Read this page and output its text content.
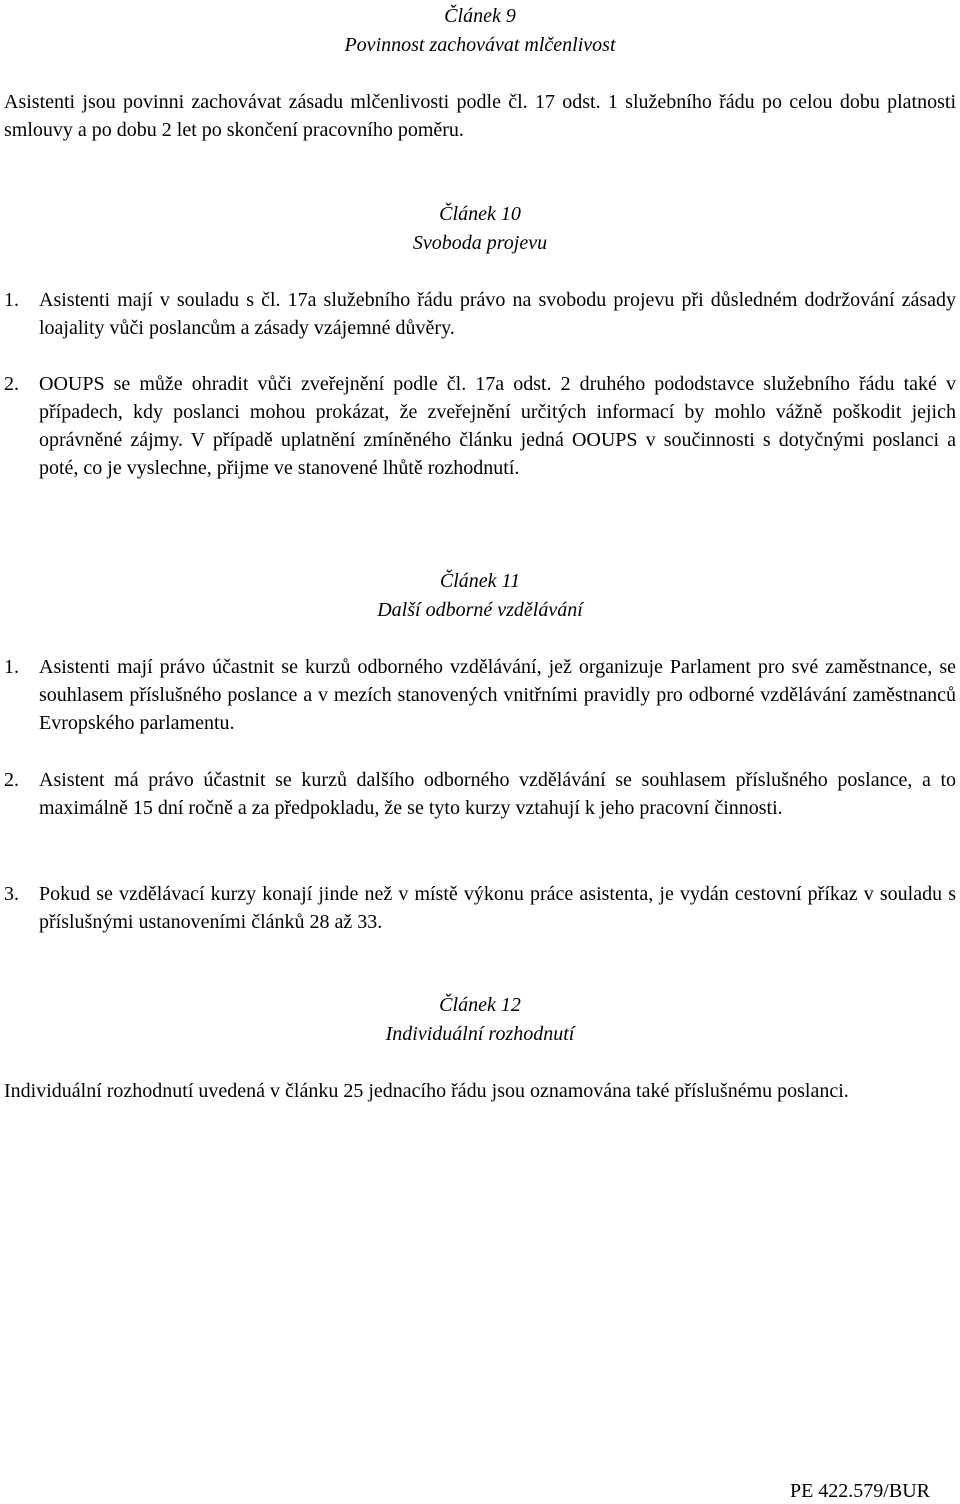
Článek 9
Povinnost zachovávat mlčenlivost
Asistenti jsou povinni zachovávat zásadu mlčenlivosti podle čl. 17 odst. 1 služebního řádu po celou dobu platnosti smlouvy a po dobu 2 let po skončení pracovního poměru.
Článek 10
Svoboda projevu
1.	Asistenti mají v souladu s čl. 17a služebního řádu právo na svobodu projevu při důsledném dodržování zásady loajality vůči poslancům a zásady vzájemné důvěry.
2.	OOUPS se může ohradit vůči zveřejnění podle čl. 17a odst. 2 druhého pododstavce služebního řádu také v případech, kdy poslanci mohou prokázat, že zveřejnění určitých informací by mohlo vážně poškodit jejich oprávněné zájmy. V případě uplatnění zmíněného článku jedná OOUPS v součinnosti s dotyčnými poslanci a poté, co je vyslechne, přijme ve stanovené lhůtě rozhodnutí.
Článek 11
Další odborné vzdělávání
1.	Asistenti mají právo účastnit se kurzů odborného vzdělávání, jež organizuje Parlament pro své zaměstnance, se souhlasem příslušného poslance a v mezích stanovených vnitřními pravidly pro odborné vzdělávání zaměstnanců Evropského parlamentu.
2.	Asistent má právo účastnit se kurzů dalšího odborného vzdělávání se souhlasem příslušného poslance, a to maximálně 15 dní ročně a za předpokladu, že se tyto kurzy vztahují k jeho pracovní činnosti.
3.	Pokud se vzdělávací kurzy konají jinde než v místě výkonu práce asistenta, je vydán cestovní příkaz v souladu s příslušnými ustanoveními článků 28 až 33.
Článek 12
Individuální rozhodnutí
Individuální rozhodnutí uvedená v článku 25 jednacího řádu jsou oznamována také příslušnému poslanci.
PE 422.579/BUR
